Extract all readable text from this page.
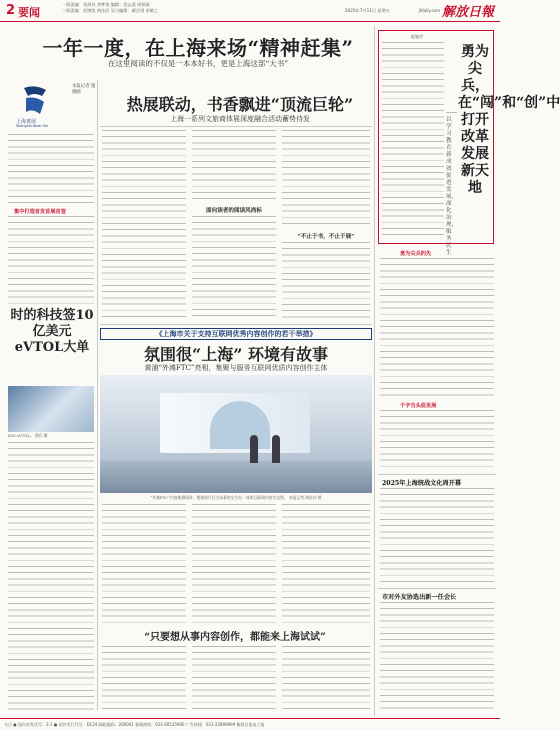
2 要闻
一版责编：张海舟 李梦依 编辑：范志睿 周炳清
二版责编：范锦凯 黄佳辰 见习编辑：颜芷琪 余敏之	2025年7月11日 星期五	jfdaily.com 解放日報
一年一度，在上海来场“精神赶集”
在这里阅读的不仅是一本本好书，更是上海这部“大书”
上海書展
Shanghai Book Fair
本报记者 施晓晴
热展联动，书香飘进“顶流巨轮”
上海一系列文旅商体展深度融合活动蓄势待发
集中打造首发首展首签
时的科技签10亿美元eVTOL大单
E20 eVTOL。 俞兵 摄
面向读者的阅读风尚标
“不止于书，不止于展”
《上海市关于支持互联网优秀内容创作的若干举措》
氛围很“上海” 环境有故事
黄浦“外滩FTC”亮相，集聚与服务互联网优质内容创作主体
“外滩FTC”内容集聚场所，搭建成片区主场景的全方位一体的互联网内容生态图。 本报记者 海沙沙 摄
“只要想从事内容创作，都能来上海试试”
起笔岸
勇为尖兵，在“闯”和“创”中打开改革发展新天地
——以学习教育新成效促进发展，深化治理，服务民生
勇为尖兵的先
千字当头促发展
2025年上海统战文化周开幕
市对外友协选出新一任会长
今日 ● 国内首发代号：3-1 ● 国外发行代号：D124 邮政编码：200041 新闻热线：021-60525900 广告热线：021-22899999 解放日报电子报
